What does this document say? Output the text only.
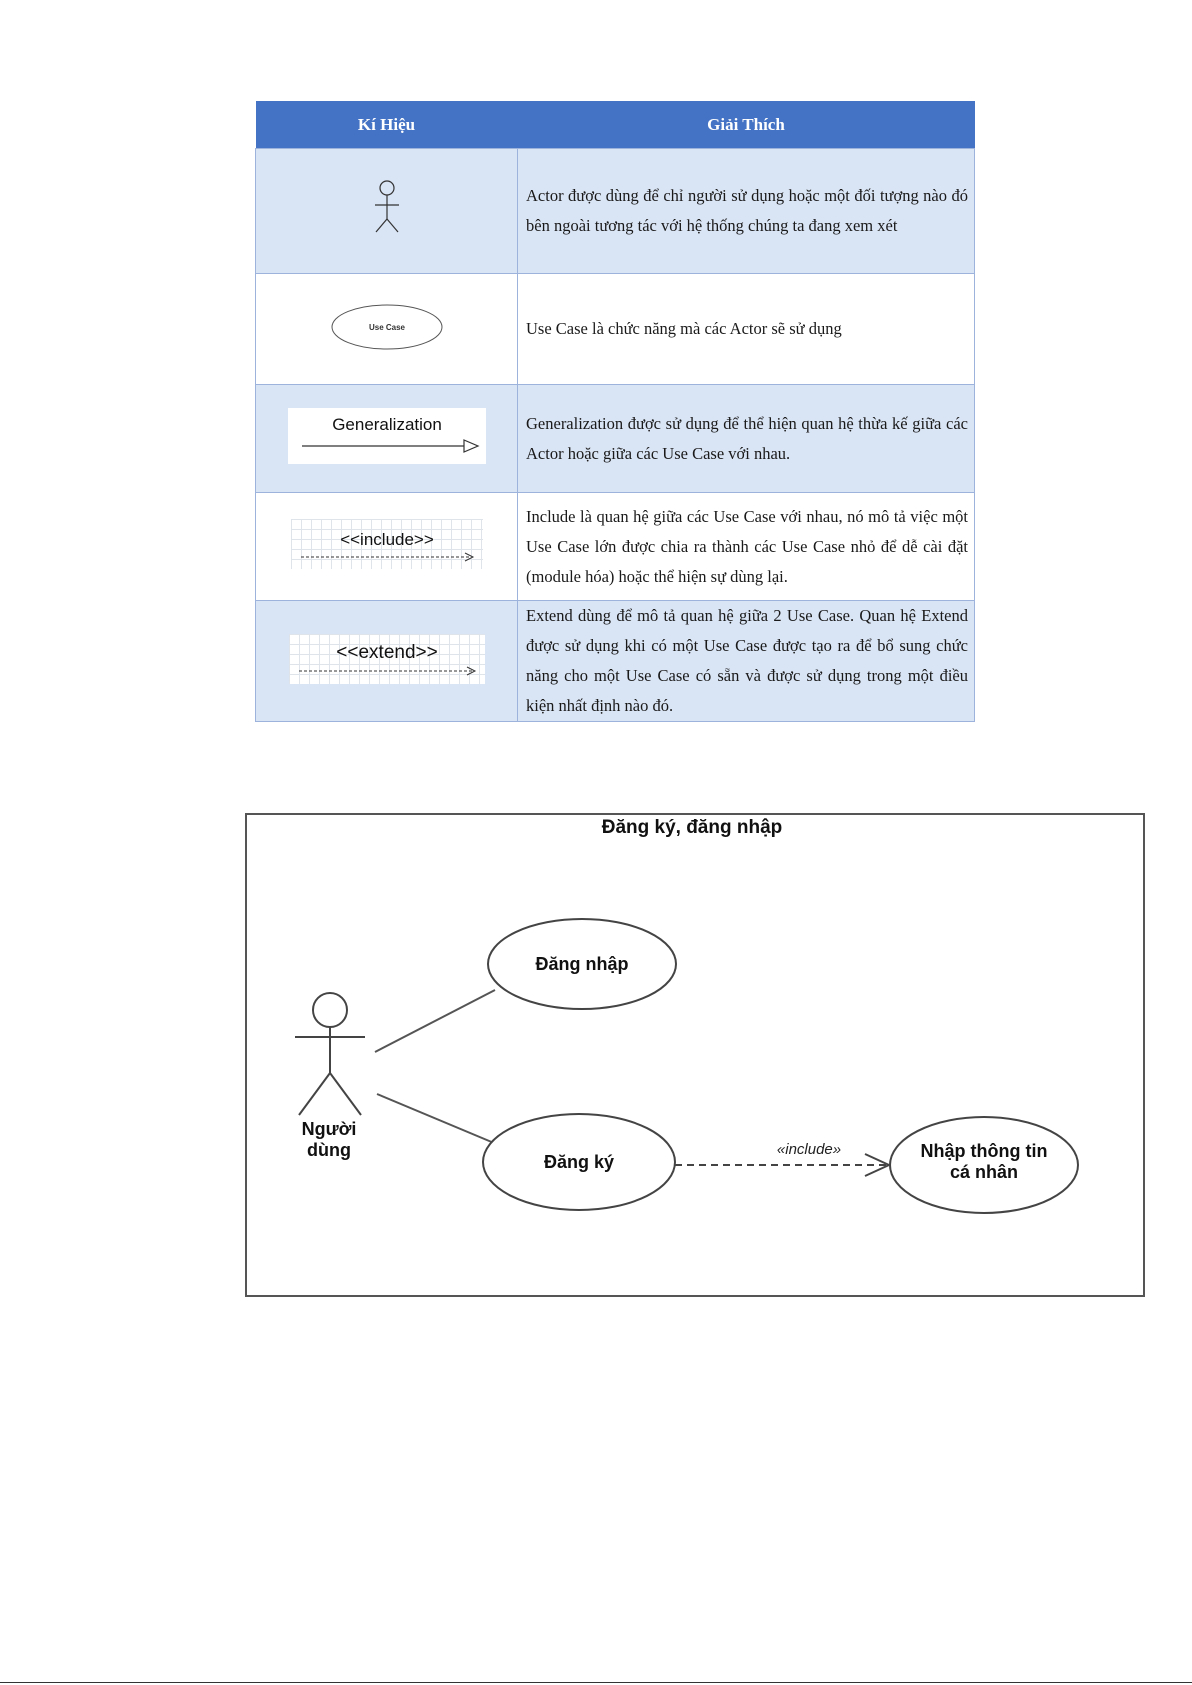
Kí Hiệu	Giải Thích
	Actor được dùng để chỉ người sử dụng hoặc một đối tượng nào đó bên ngoài tương tác với hệ thống chúng ta đang xem xét

Use Case	Use Case là chức năng mà các Actor sẽ sử dụng

Generalization	Generalization được sử dụng để thể hiện quan hệ thừa kế giữa các Actor hoặc giữa các Use Case với nhau.

<<include>>	Include là quan hệ giữa các Use Case với nhau, nó mô tả việc một Use Case lớn được chia ra thành các Use Case nhỏ để dễ cài đặt (module hóa) hoặc thể hiện sự dùng lại.

<<extend>>	Extend dùng để mô tả quan hệ giữa 2 Use Case. Quan hệ Extend được sử dụng khi có một Use Case được tạo ra để bổ sung chức năng cho một Use Case có sẵn và được sử dụng trong một điều kiện nhất định nào đó.
Đăng ký, đăng nhập
Người
dùng
Đăng nhập
Đăng ký
Nhập thông tin
cá nhân
«include»
